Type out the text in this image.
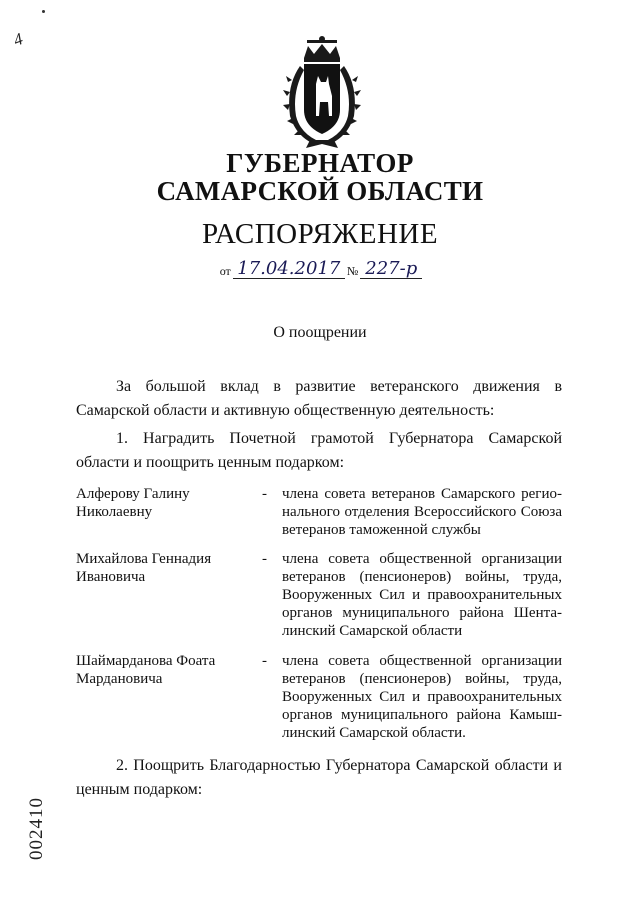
4
ГУБЕРНАТОР
САМАРСКОЙ ОБЛАСТИ
РАСПОРЯЖЕНИЕ
от 17.04.2017 № 227-р
О поощрении
За большой вклад в развитие ветеранского движения в Самарской области и активную общественную деятельность:
1. Наградить Почетной грамотой Губернатора Самарской области и поощрить ценным подарком:
Алферову Галину Николаевну
- члена совета ветеранов Самарского регионального отделения Всероссийского Союза ветеранов таможенной службы
Михайлова Геннадия Ивановича
- члена совета общественной организации ветеранов (пенсионеров) войны, труда, Вооруженных Сил и правоохранительных органов муниципального района Шенталинский Самарской области
Шаймарданова Фоата Мардановича
- члена совета общественной организации ветеранов (пенсионеров) войны, труда, Вооруженных Сил и правоохранительных органов муниципального района Камышлинский Самарской области.
2. Поощрить Благодарностью Губернатора Самарской области и ценным подарком:
002410
